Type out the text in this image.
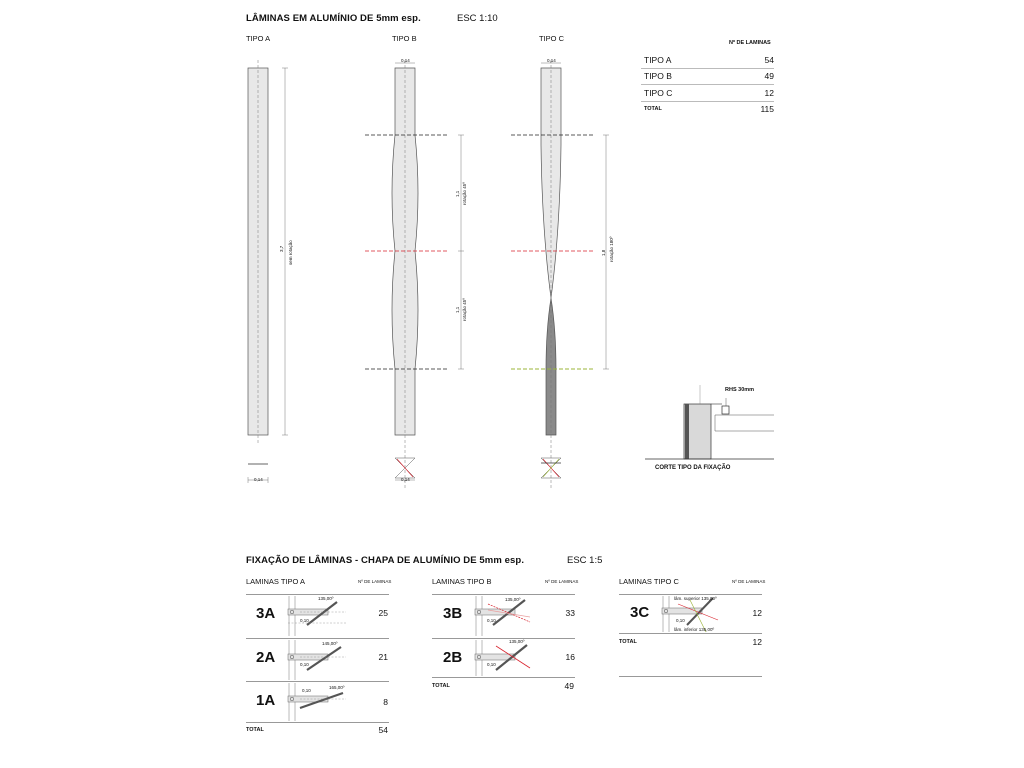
LÂMINAS EM ALUMÍNIO DE 5mm esp.	ESC 1:10
TIPO A	TIPO B	TIPO C
0,14
3,7 sem rotação
0,14
0,14
1,1 rotação 45º
1,1 rotação 45º
0,14
1,8 rotação 180º
Nº DE LAMINAS
TIPO A	54
TIPO B	49
TIPO C	12
TOTAL	115
RHS 30mm
CORTE TIPO DA FIXAÇÃO
FIXAÇÃO DE LÂMINAS - CHAPA DE ALUMÍNIO DE 5mm esp.	ESC 1:5
LAMINAS TIPO A	Nº DE LAMINAS
3A	25
2A	21
1A	8
TOTAL	54
LAMINAS TIPO B	Nº DE LAMINAS
3B	33
2B	16
TOTAL	49
LAMINAS TIPO C	Nº DE LAMINAS
3C	12
TOTAL	12
135,00º
0,10
145,00º
0,10
165,00º
0,10
135,00º
0,10
135,00º
0,10
lâm. superior 135,00º
lâm. inferior 135,00º
0,10
